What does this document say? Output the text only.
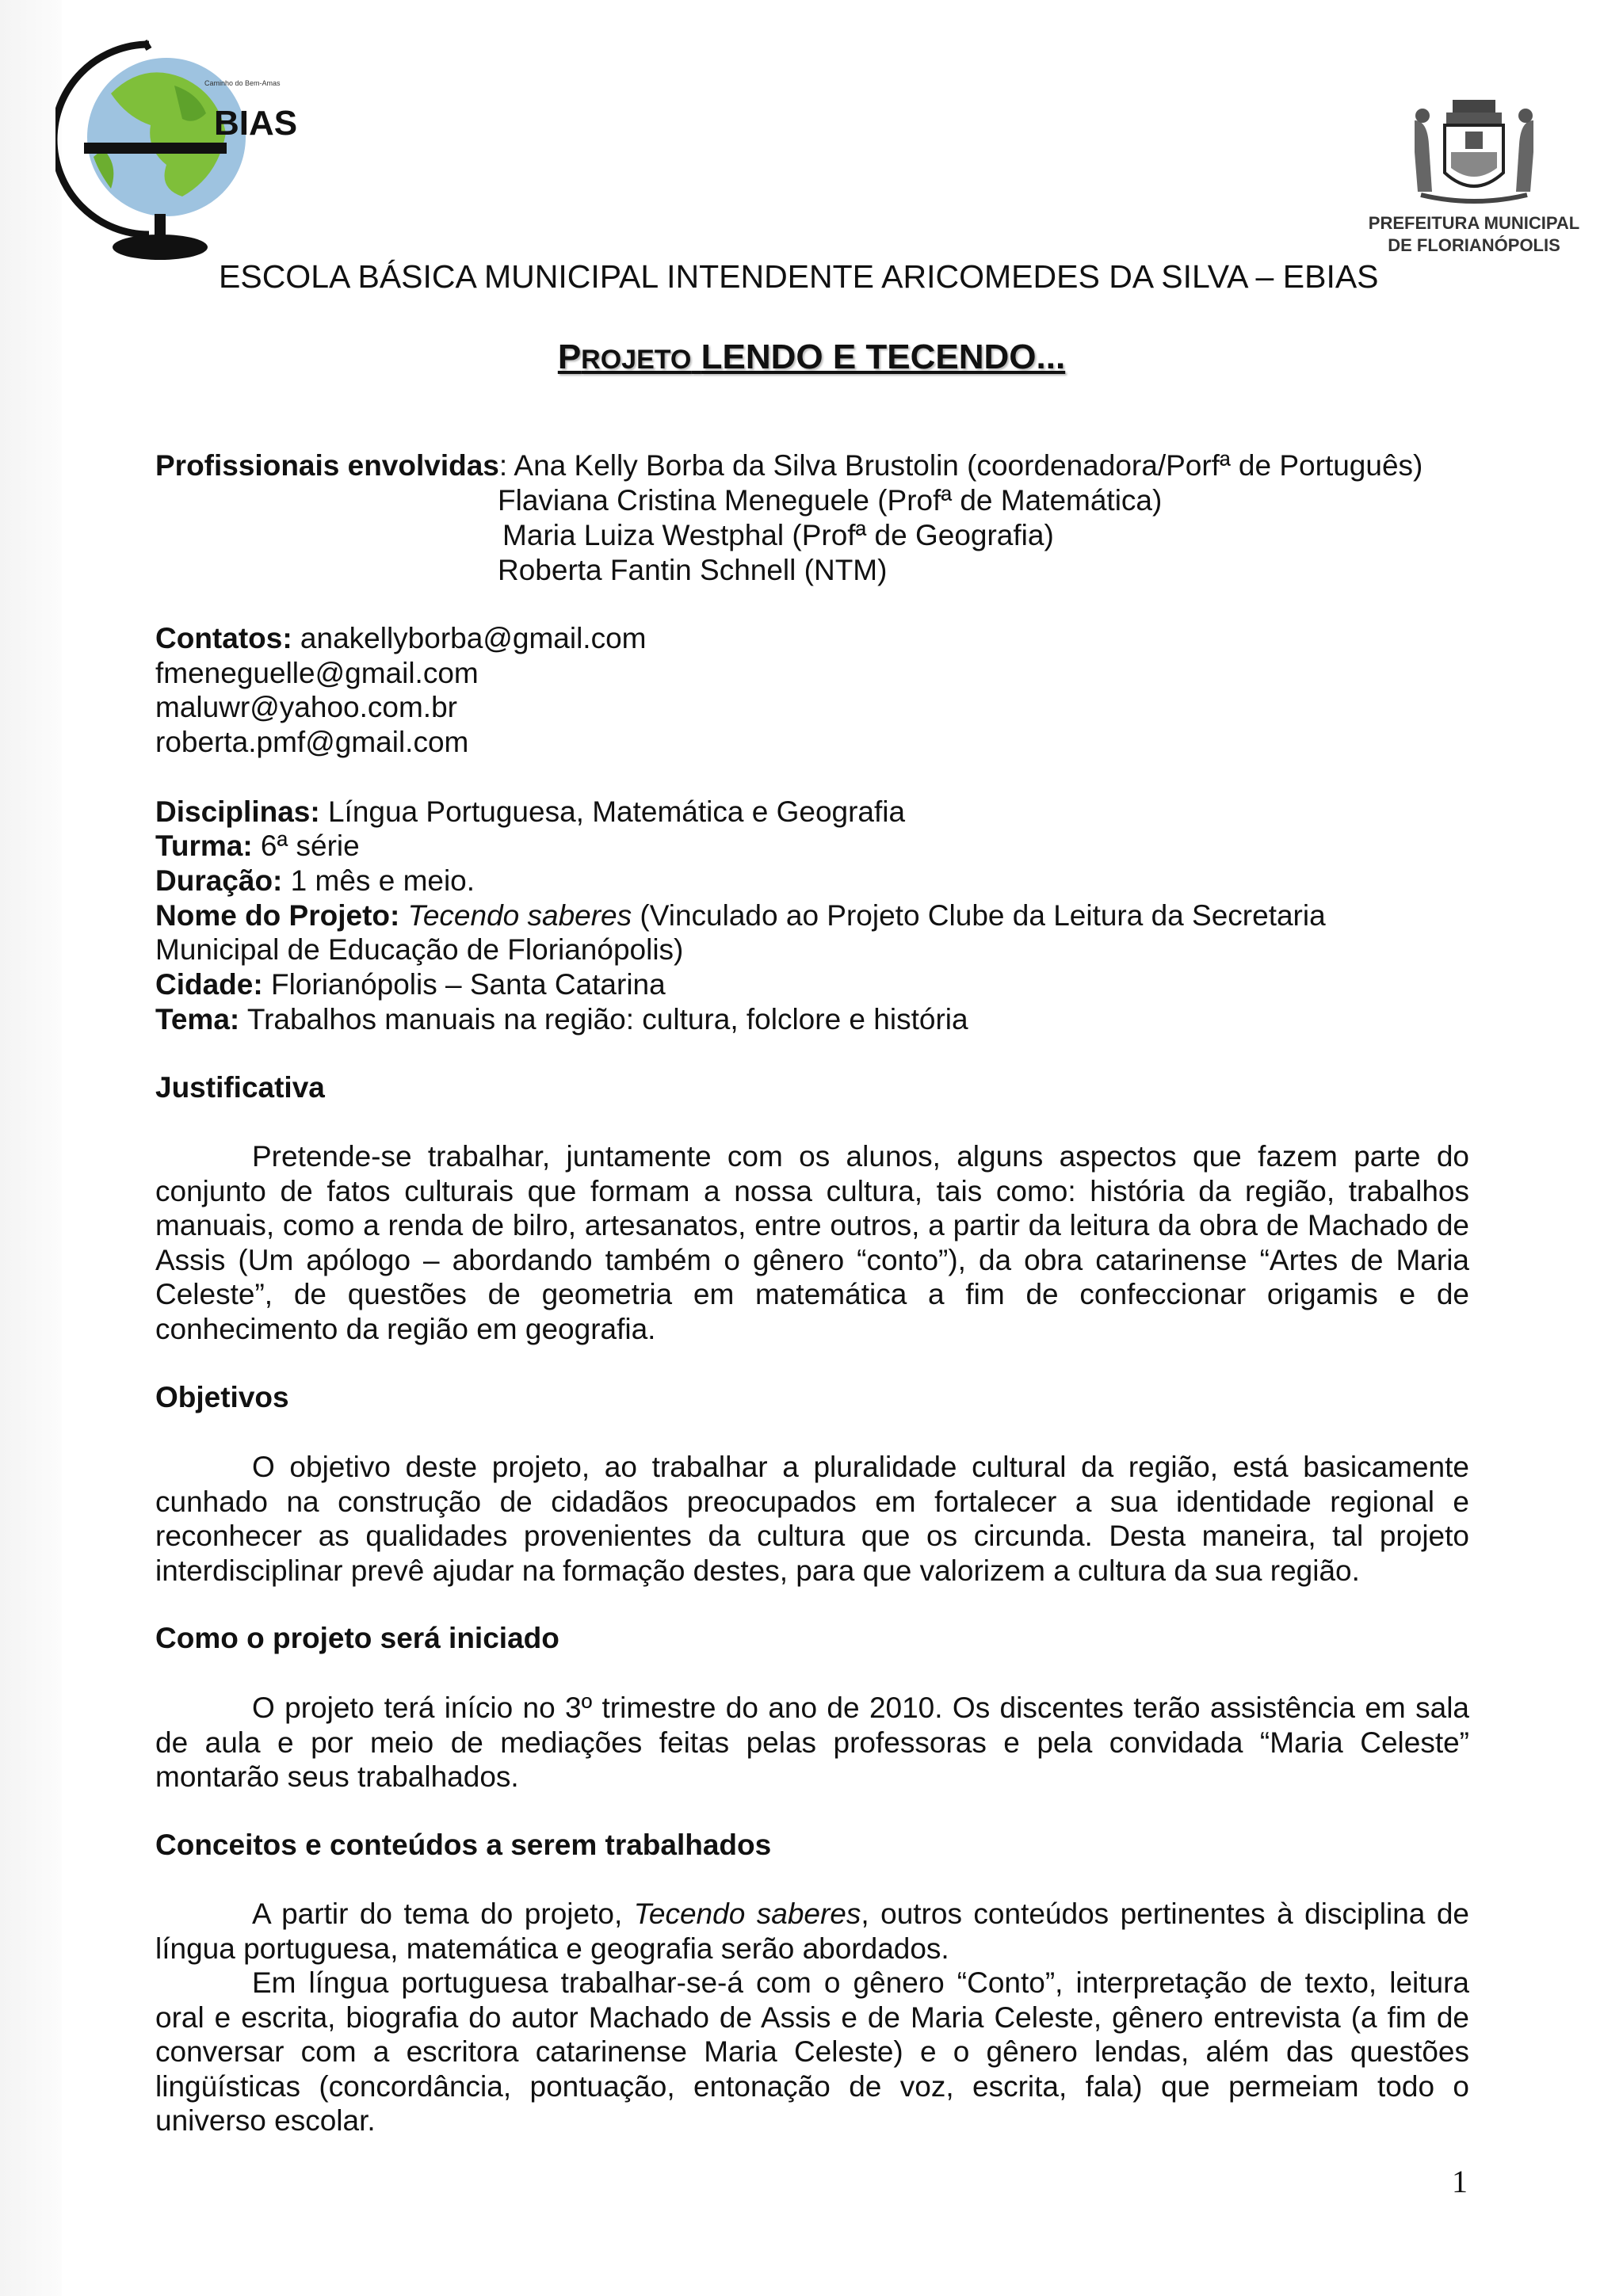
Caminho do Bem-Amas
BIAS
PREFEITURA MUNICIPAL
DE FLORIANÓPOLIS
ESCOLA BÁSICA MUNICIPAL INTENDENTE ARICOMEDES DA SILVA – EBIAS
PROJETO LENDO E TECENDO...
Profissionais envolvidas: Ana Kelly Borba da Silva Brustolin (coordenadora/Porfª de Português)
Flaviana Cristina Meneguele (Profª de Matemática)
Maria Luiza Westphal (Profª de Geografia)
Roberta Fantin Schnell (NTM)
Contatos: anakellyborba@gmail.com
fmeneguelle@gmail.com
maluwr@yahoo.com.br
roberta.pmf@gmail.com
Disciplinas: Língua Portuguesa, Matemática e Geografia
Turma: 6ª série
Duração: 1 mês e meio.
Nome do Projeto: Tecendo saberes (Vinculado ao Projeto Clube da Leitura da Secretaria
Municipal de Educação de Florianópolis)
Cidade: Florianópolis – Santa Catarina
Tema: Trabalhos manuais na região: cultura, folclore e história
Justificativa
Pretende-se trabalhar, juntamente com os alunos, alguns aspectos que fazem parte do conjunto de fatos culturais que formam a nossa cultura, tais como: história da região, trabalhos manuais, como a renda de bilro, artesanatos, entre outros, a partir da leitura da obra de Machado de Assis (Um apólogo – abordando também o gênero “conto”), da obra catarinense “Artes de Maria Celeste”, de questões de geometria em matemática a fim de confeccionar origamis e de conhecimento da região em geografia.
Objetivos
O objetivo deste projeto, ao trabalhar a pluralidade cultural da região, está basicamente cunhado na construção de cidadãos preocupados em fortalecer a sua identidade regional e reconhecer as qualidades provenientes da cultura que os circunda. Desta maneira, tal projeto interdisciplinar prevê ajudar na formação destes, para que valorizem a cultura da sua região.
Como o projeto será iniciado
O projeto terá início no 3º trimestre do ano de 2010. Os discentes terão assistência em sala de aula e por meio de mediações feitas pelas professoras e pela convidada “Maria Celeste” montarão seus trabalhados.
Conceitos e conteúdos a serem trabalhados
A partir do tema do projeto, Tecendo saberes, outros conteúdos pertinentes à disciplina de língua portuguesa, matemática e geografia serão abordados.
Em língua portuguesa trabalhar-se-á com o gênero “Conto”, interpretação de texto, leitura oral e escrita, biografia do autor Machado de Assis e de Maria Celeste, gênero entrevista (a fim de conversar com a escritora catarinense Maria Celeste) e o gênero lendas, além das questões lingüísticas (concordância, pontuação, entonação de voz, escrita, fala) que permeiam todo o universo escolar.
1
